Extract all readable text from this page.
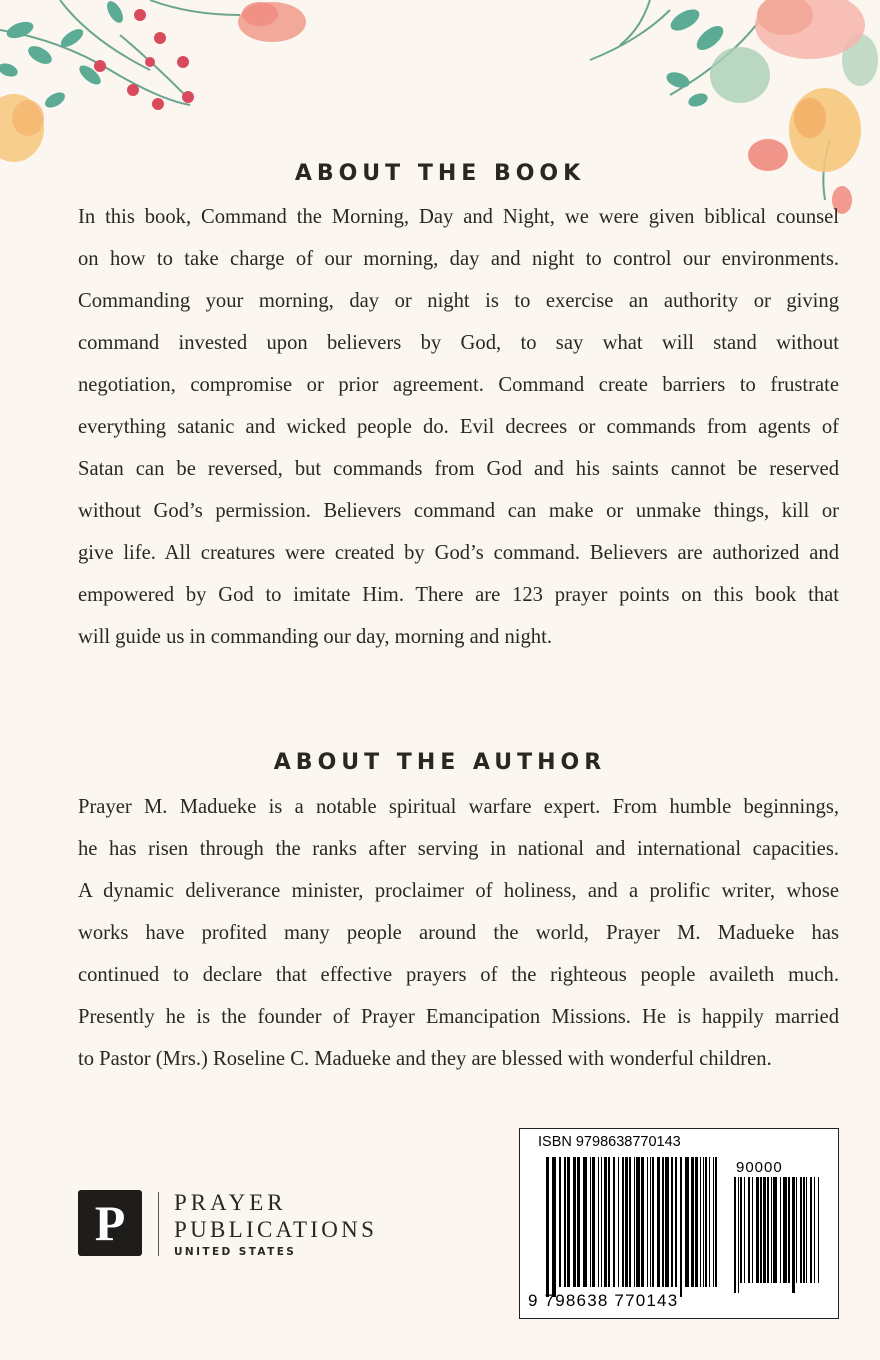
ABOUT THE BOOK
In this book, Command the Morning, Day and Night, we were given biblical counsel
on how to take charge of our morning, day and night to control our environments.
Commanding your morning, day or night is to exercise an authority or giving
command invested upon believers by God, to say what will stand without
negotiation, compromise or prior agreement. Command create barriers to frustrate
everything satanic and wicked people do. Evil decrees or commands from agents of
Satan can be reversed, but commands from God and his saints cannot be reserved
without God’s permission. Believers command can make or unmake things, kill or
give life. All creatures were created by God’s command. Believers are authorized and
empowered by God to imitate Him. There are 123 prayer points on this book that
will guide us in commanding our day, morning and night.
ABOUT THE AUTHOR
Prayer M. Madueke is a notable spiritual warfare expert. From humble beginnings,
he has risen through the ranks after serving in national and international capacities.
A dynamic deliverance minister, proclaimer of holiness, and a prolific writer, whose
works have profited many people around the world, Prayer M. Madueke has
continued to declare that effective prayers of the righteous people availeth much.
Presently he is the founder of Prayer Emancipation Missions. He is happily married
to Pastor (Mrs.) Roseline C. Madueke and they are blessed with wonderful children.
P PRAYER
PUBLICATIONS
UNITED STATES
ISBN 9798638770143
90000
9 798638 770143
